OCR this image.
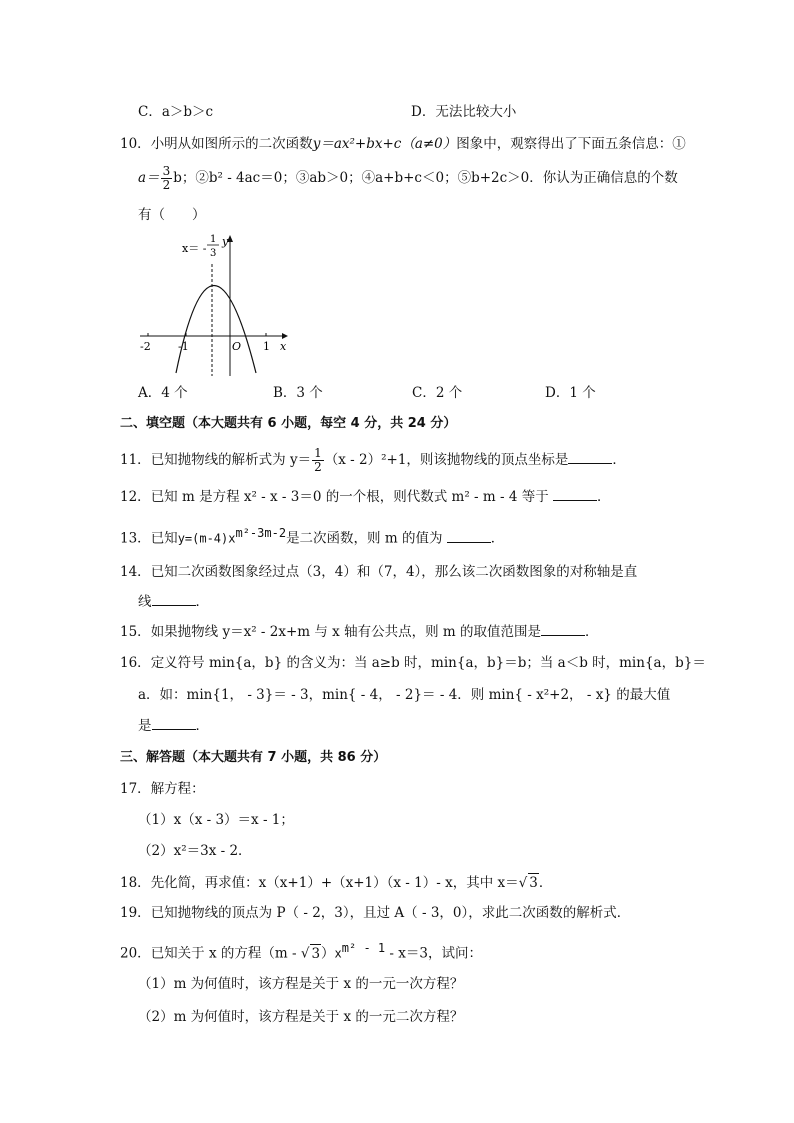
C．a＞b＞c	D．无法比较大小
10．小明从如图所示的二次函数y＝ax²+bx+c（a≠0）图象中，观察得出了下面五条信息：①
$a= \frac{3}{2}$ b；②b² - 4ac＝0；③ab＞0；④a+b+c＜0；⑤b+2c＞0．你认为正确信息的个数
有（　　）
x＝ -
1
3
y
x
O
-2 -1	1
A．4 个	B．3 个	C．2 个	D．1 个
二、填空题（本大题共有 6 小题，每空 4 分，共 24 分）
11．已知抛物线的解析式为 $y= \frac{1}{2} (x - 2)^2+1$，则该抛物线的顶点坐标是	．
12．已知 m 是方程 x² - x - 3＝0 的一个根，则代数式 m² - m - 4 等于	．
13．已知$y=(m-4)x^{m^2-3m-2}$是二次函数，则 m 的值为	．
14．已知二次函数图象经过点（3，4）和（7，4），那么该二次函数图象的对称轴是直
线	．
15．如果抛物线 y＝x² - 2x+m 与 x 轴有公共点，则 m 的取值范围是	．
16．定义符号 min{a，b} 的含义为：当 a≥b 时，min{a，b}＝b；当 a＜b 时，min{a，b}＝
a．如：min{1， - 3}＝ - 3，min{ - 4， - 2}＝ - 4．则 min{ - x²+2， - x} 的最大值
是	．
三、解答题（本大题共有 7 小题，共 86 分）
17．解方程：
（1）x（x - 3）＝x - 1；
（2）x²＝3x - 2．
18．先化简，再求值：x（x+1）+（x+1）（x - 1）- x，其中 x＝√ 3．
19．已知抛物线的顶点为 P（ - 2，3），且过 A（ - 3，0），求此二次函数的解析式．
20．已知关于 x 的方程（m - √ $3)x^{m^2 - 1} - x=3$，试问：
（1）m 为何值时，该方程是关于 x 的一元一次方程？
（2）m 为何值时，该方程是关于 x 的一元二次方程？
